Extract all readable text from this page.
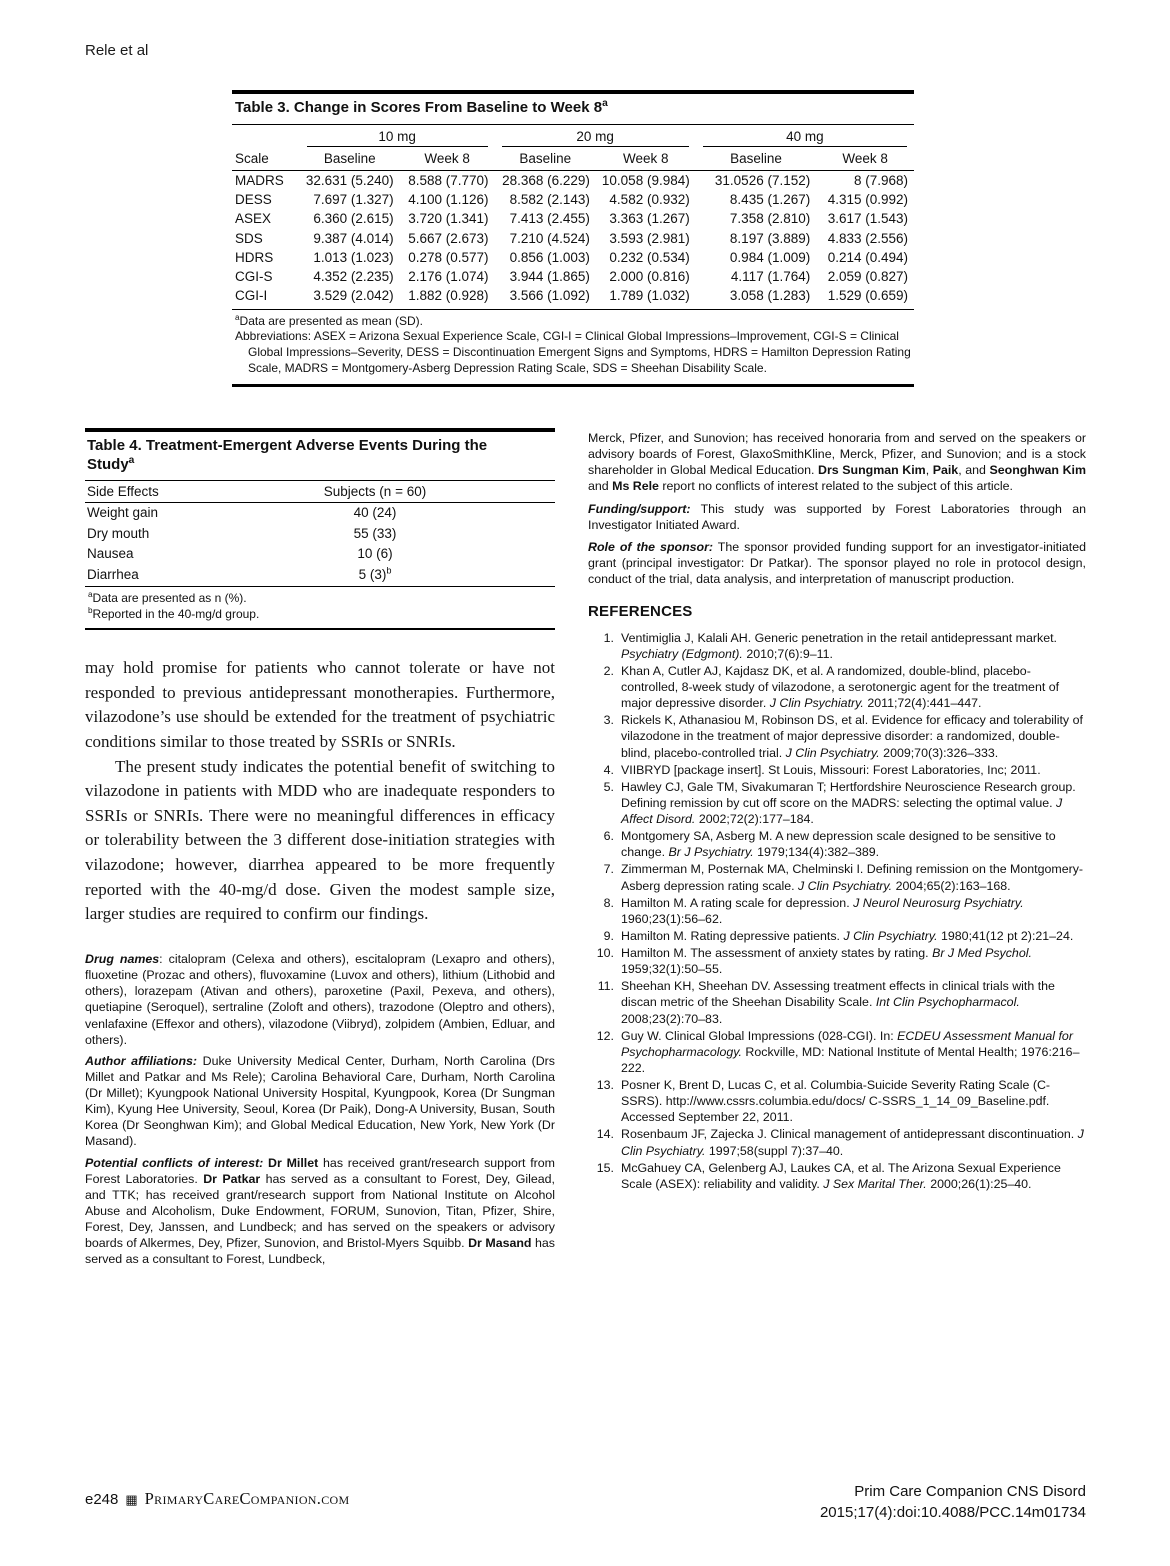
Rele et al
Table 3. Change in Scores From Baseline to Week 8$^a$

	10 mg		20 mg		40 mg	

Scale	Baseline	Week 8	Baseline	Week 8	Baseline	Week 8
MADRS	32.631 (5.240)	8.588 (7.770)	28.368 (6.229)	10.058 (9.984)	31.0526 (7.152)	8 (7.968)
DESS	7.697 (1.327)	4.100 (1.126)	8.582 (2.143)	4.582 (0.932)	8.435 (1.267)	4.315 (0.992)
ASEX	6.360 (2.615)	3.720 (1.341)	7.413 (2.455)	3.363 (1.267)	7.358 (2.810)	3.617 (1.543)
SDS	9.387 (4.014)	5.667 (2.673)	7.210 (4.524)	3.593 (2.981)	8.197 (3.889)	4.833 (2.556)
HDRS	1.013 (1.023)	0.278 (0.577)	0.856 (1.003)	0.232 (0.534)	0.984 (1.009)	0.214 (0.494)
CGI-S	4.352 (2.235)	2.176 (1.074)	3.944 (1.865)	2.000 (0.816)	4.117 (1.764)	2.059 (0.827)
CGI-I	3.529 (2.042)	1.882 (0.928)	3.566 (1.092)	1.789 (1.032)	3.058 (1.283)	1.529 (0.659)

$^a$Data are presented as mean (SD).

Abbreviations: ASEX = Arizona Sexual Experience Scale, CGI-I = Clinical Global Impressions–Improvement, CGI-S = Clinical Global Impressions–Severity, DESS = Discontinuation Emergent Signs and Symptoms, HDRS = Hamilton Depression Rating Scale, MADRS = Montgomery-Asberg Depression Rating Scale, SDS = Sheehan Disability Scale.

Table 4. Treatment-Emergent Adverse Events During the Study$^a$
Side Effects	Subjects (n = 60)
Weight gain	40 (24)
Dry mouth	55 (33)
Nausea	10 (6)
Diarrhea	5 $(3)^b$

$^a$Data are presented as n (%).

$^b$Reported in the 40-mg/d group.

may hold promise for patients who cannot tolerate or have not responded to previous antidepressant monotherapies. Furthermore, vilazodone’s use should be extended for the treatment of psychiatric conditions similar to those treated by SSRIs or SNRIs.

The present study indicates the potential benefit of switching to vilazodone in patients with MDD who are inadequate responders to SSRIs or SNRIs. There were no meaningful differences in efficacy or tolerability between the 3 different dose-initiation strategies with vilazodone; however, diarrhea appeared to be more frequently reported with the 40-mg/d dose. Given the modest sample size, larger studies are required to confirm our findings.

Drug names: citalopram (Celexa and others), escitalopram (Lexapro and others), fluoxetine (Prozac and others), fluvoxamine (Luvox and others), lithium (Lithobid and others), lorazepam (Ativan and others), paroxetine (Paxil, Pexeva, and others), quetiapine (Seroquel), sertraline (Zoloft and others), trazodone (Oleptro and others), venlafaxine (Effexor and others), vilazodone (Viibryd), zolpidem (Ambien, Edluar, and others).

Author affiliations: Duke University Medical Center, Durham, North Carolina (Drs Millet and Patkar and Ms Rele); Carolina Behavioral Care, Durham, North Carolina (Dr Millet); Kyungpook National University Hospital, Kyungpook, Korea (Dr Sungman Kim), Kyung Hee University, Seoul, Korea (Dr Paik), Dong-A University, Busan, South Korea (Dr Seonghwan Kim); and Global Medical Education, New York, New York (Dr Masand).

Potential conflicts of interest: Dr Millet has received grant/research support from Forest Laboratories. Dr Patkar has served as a consultant to Forest, Dey, Gilead, and TTK; has received grant/research support from National Institute on Alcohol Abuse and Alcoholism, Duke Endowment, FORUM, Sunovion, Titan, Pfizer, Shire, Forest, Dey, Janssen, and Lundbeck; and has served on the speakers or advisory boards of Alkermes, Dey, Pfizer, Sunovion, and Bristol-Myers Squibb. Dr Masand has served as a consultant to Forest, Lundbeck,

Merck, Pfizer, and Sunovion; has received honoraria from and served on the speakers or advisory boards of Forest, GlaxoSmithKline, Merck, Pfizer, and Sunovion; and is a stock shareholder in Global Medical Education. Drs Sungman Kim, Paik, and Seonghwan Kim and Ms Rele report no conflicts of interest related to the subject of this article.

Funding/support: This study was supported by Forest Laboratories through an Investigator Initiated Award.

Role of the sponsor: The sponsor provided funding support for an investigator-initiated grant (principal investigator: Dr Patkar). The sponsor played no role in protocol design, conduct of the trial, data analysis, and interpretation of manuscript production.

REFERENCES
1. Ventimiglia J, Kalali AH. Generic penetration in the retail antidepressant market. Psychiatry (Edgmont). 2010;7(6):9–11.
2. Khan A, Cutler AJ, Kajdasz DK, et al. A randomized, double-blind, placebo-controlled, 8-week study of vilazodone, a serotonergic agent for the treatment of major depressive disorder. J Clin Psychiatry. 2011;72(4):441–447.
3. Rickels K, Athanasiou M, Robinson DS, et al. Evidence for efficacy and tolerability of vilazodone in the treatment of major depressive disorder: a randomized, double-blind, placebo-controlled trial. J Clin Psychiatry. 2009;70(3):326–333.
4. VIIBRYD [package insert]. St Louis, Missouri: Forest Laboratories, Inc; 2011.
5. Hawley CJ, Gale TM, Sivakumaran T; Hertfordshire Neuroscience Research group. Defining remission by cut off score on the MADRS: selecting the optimal value. J Affect Disord. 2002;72(2):177–184.
6. Montgomery SA, Asberg M. A new depression scale designed to be sensitive to change. Br J Psychiatry. 1979;134(4):382–389.
7. Zimmerman M, Posternak MA, Chelminski I. Defining remission on the Montgomery-Asberg depression rating scale. J Clin Psychiatry. 2004;65(2):163–168.
8. Hamilton M. A rating scale for depression. J Neurol Neurosurg Psychiatry. 1960;23(1):56–62.
9. Hamilton M. Rating depressive patients. J Clin Psychiatry. 1980;41(12 pt 2):21–24.
10. Hamilton M. The assessment of anxiety states by rating. Br J Med Psychol. 1959;32(1):50–55.
11. Sheehan KH, Sheehan DV. Assessing treatment effects in clinical trials with the discan metric of the Sheehan Disability Scale. Int Clin Psychopharmacol. 2008;23(2):70–83.
12. Guy W. Clinical Global Impressions (028-CGI). In: ECDEU Assessment Manual for Psychopharmacology. Rockville, MD: National Institute of Mental Health; 1976:216–222.
13. Posner K, Brent D, Lucas C, et al. Columbia-Suicide Severity Rating Scale (C-SSRS). http://www.cssrs.columbia.edu/docs/ C-SSRS_1_14_09_Baseline.pdf. Accessed September 22, 2011.
14. Rosenbaum JF, Zajecka J. Clinical management of antidepressant discontinuation. J Clin Psychiatry. 1997;58(suppl 7):37–40.
15. McGahuey CA, Gelenberg AJ, Laukes CA, et al. The Arizona Sexual Experience Scale (ASEX): reliability and validity. J Sex Marital Ther. 2000;26(1):25–40.
e248 ▦ PrimaryCareCompanion.com	Prim Care Companion CNS Disord
2015;17(4):doi:10.4088/PCC.14m01734
